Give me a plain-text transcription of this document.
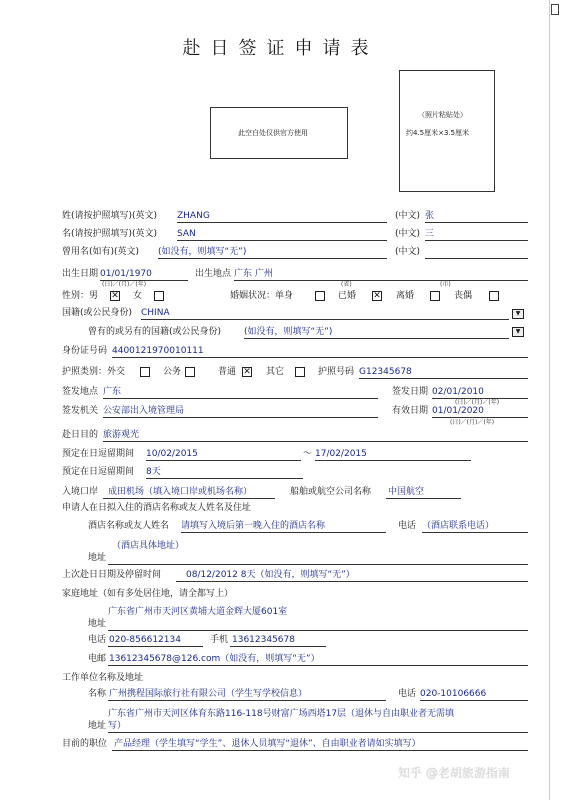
赴日签证申请表
此空白处仅供官方使用
（照片粘贴处）
约4.5厘米×3.5厘米
姓(请按护照填写)(英文) ZHANG	(中文) 张
名(请按护照填写)(英文) SAN	(中文) 三
曾用名(如有)(英文) (如没有，则填写“无”)	(中文)
出生日期 01/01/1970
(日)／(月)／(年)
出生地点 广东 广州
(省)	(市)
性别：男 ✕ 女	婚姻状况：单身	已婚 ✕ 离婚	丧偶
国籍(或公民身份) CHINA	▼
曾有的或另有的国籍(或公民身份)	(如没有，则填写“无”)	▼
身份证号码 4400121970010111
护照类别：外交	公务	普通 ✕ 其它	护照号码 G12345678
签发地点 广东	签发日期 02/01/2010
(日)／(月)／(年)
签发机关 公安部出入境管理局	有效日期 01/01/2020
(日)／(月)／(年)
赴日目的 旅游观光
预定在日逗留期间 10/02/2015	～ 17/02/2015
预定在日逗留期间 8天
入境口岸 成田机场（填入境口岸或机场名称）	船舶或航空公司名称 中国航空
申请人在日拟入住的酒店名称或友人姓名及住址
酒店名称或友人姓名 请填写入境后第一晚入住的酒店名称	电话 （酒店联系电话）
（酒店具体地址）
地址
上次赴日日期及停留时间	08/12/2012 8天（如没有，则填写“无”）
家庭地址（如有多处居住地，请全都写上）
广东省广州市天河区黄埔大道金辉大厦601室
地址
电话 020-856612134	手机 13612345678
电邮 13612345678@126.com（如没有，则填写“无”）
工作单位名称及地址
名称 广州携程国际旅行社有限公司（学生写学校信息）	电话 020-10106666
广东省广州市天河区体育东路116-118号财富广场西塔17层（退休与自由职业者无需填
地址 写）
目前的职位 产品经理（学生填写“学生”、退休人员填写“退休”、自由职业者请如实填写）
知乎 @老胡旅游指南
